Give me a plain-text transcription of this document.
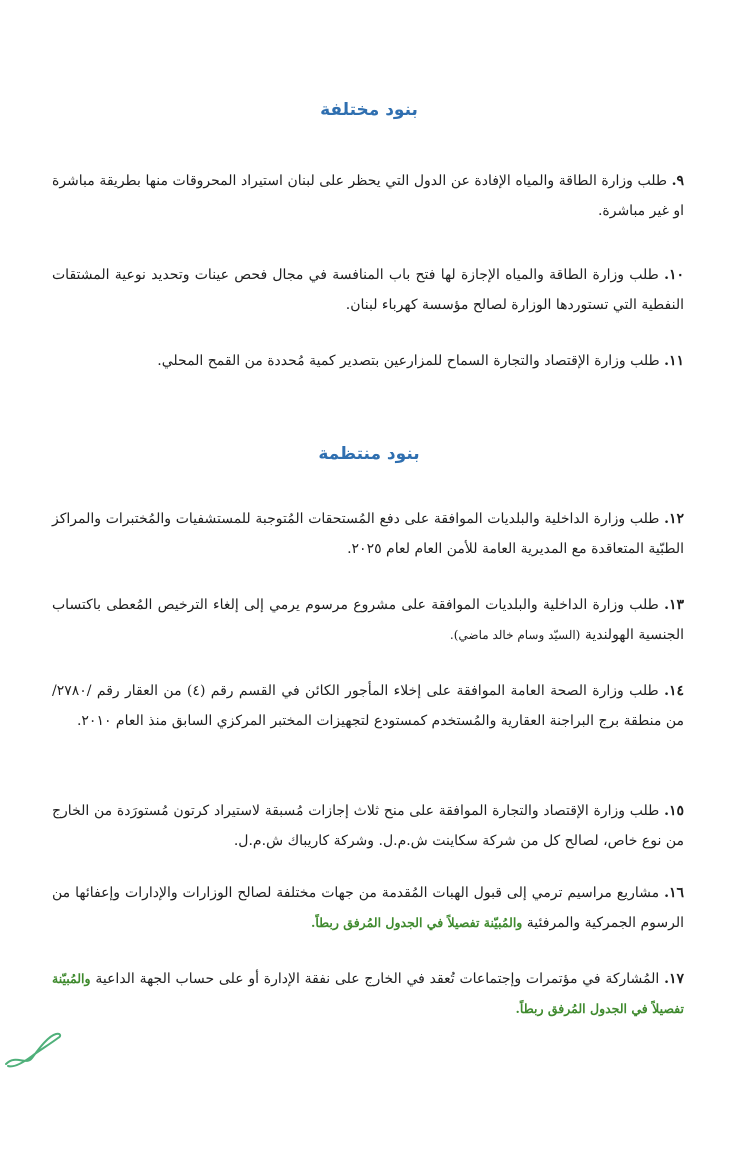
بنود مختلفة
٩. طلب وزارة الطاقة والمياه الإفادة عن الدول التي يحظر على لبنان استيراد المحروقات منها بطريقة مباشرة او غير مباشرة.
١٠. طلب وزارة الطاقة والمياه الإجازة لها فتح باب المنافسة في مجال فحص عينات وتحديد نوعية المشتقات النفطية التي تستوردها الوزارة لصالح مؤسسة كهرباء لبنان.
١١. طلب وزارة الإقتصاد والتجارة السماح للمزارعين بتصدير كمية مُحددة من القمح المحلي.
بنود منتظمة
١٢. طلب وزارة الداخلية والبلديات الموافقة على دفع المُستحقات المُتوجبة للمستشفيات والمُختبرات والمراكز الطبّية المتعاقدة مع المديرية العامة للأمن العام لعام ٢٠٢٥.
١٣. طلب وزارة الداخلية والبلديات الموافقة على مشروع مرسوم يرمي إلى إلغاء الترخيص المُعطى باكتساب الجنسية الهولندية (السيّد وسام خالد ماضي).
١٤. طلب وزارة الصحة العامة الموافقة على إخلاء المأجور الكائن في القسم رقم (٤) من العقار رقم /٢٧٨٠/ من منطقة برج البراجنة العقارية والمُستخدم كمستودع لتجهيزات المختبر المركزي السابق منذ العام ٢٠١٠.
١٥. طلب وزارة الإقتصاد والتجارة الموافقة على منح ثلاث إجازات مُسبقة لاستيراد كرتون مُستورَدة من الخارج من نوع خاص، لصالح كل من شركة سكاينت ش.م.ل. وشركة كاريباك ش.م.ل.
١٦. مشاريع مراسيم ترمي إلى قبول الهبات المُقدمة من جهات مختلفة لصالح الوزارات والإدارات وإعفائها من الرسوم الجمركية والمرفئية والمُبيّنة تفصيلاً في الجدول المُرفق ربطاً.
١٧. المُشاركة في مؤتمرات وإجتماعات تُعقد في الخارج على نفقة الإدارة أو على حساب الجهة الداعية والمُبيّنة تفصيلاً في الجدول المُرفق ربطاً.
